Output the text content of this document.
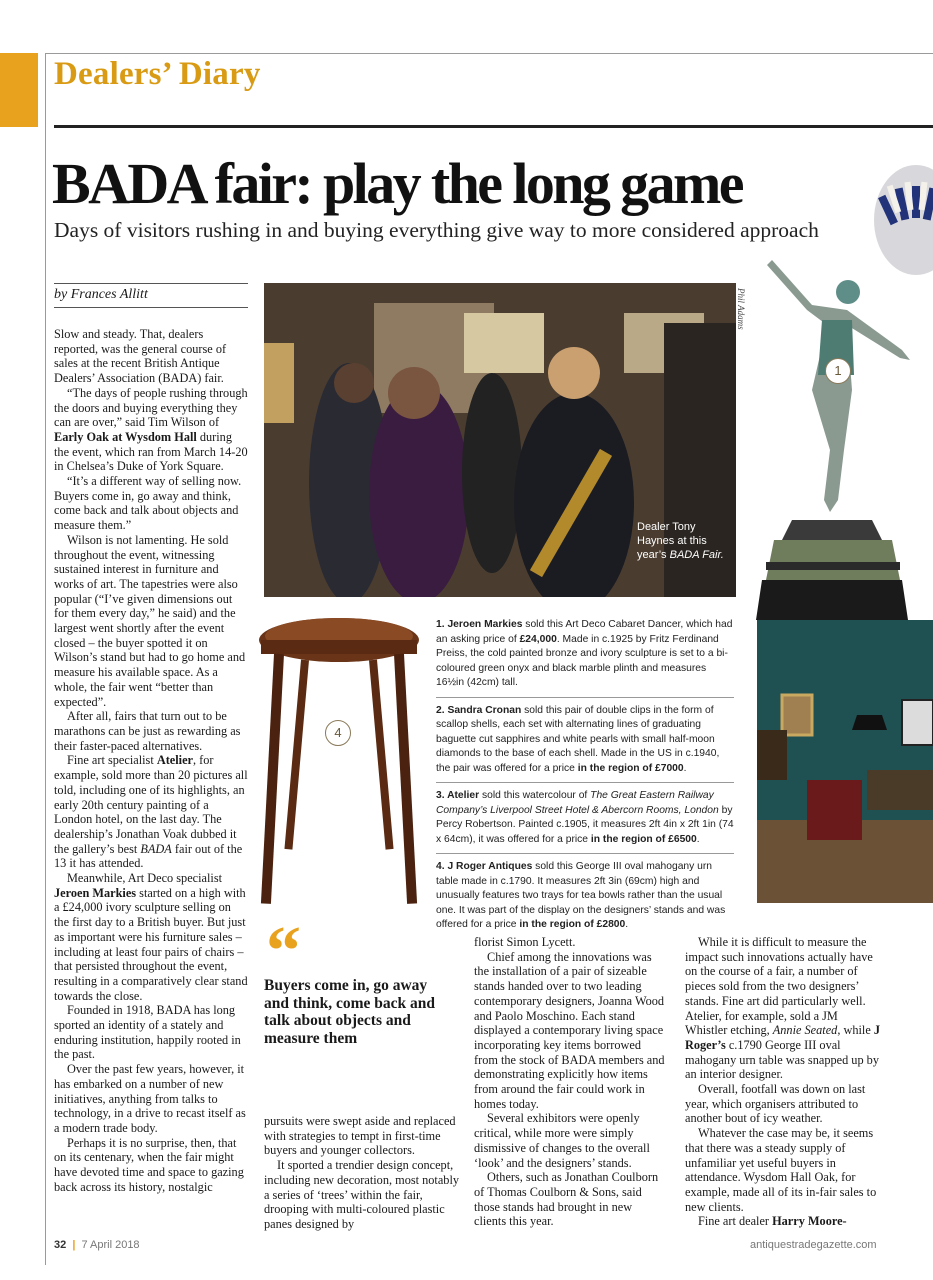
Dealers’ Diary
BADA fair: play the long game
Days of visitors rushing in and buying everything give way to more considered approach
by Frances Allitt	Phil Adams
Dealer Tony Haynes at this year’s BADA Fair.
1
4
1. Jeroen Markies sold this Art Deco Cabaret Dancer, which had an asking price of £24,000. Made in c.1925 by Fritz Ferdinand Preiss, the cold painted bronze and ivory sculpture is set to a bi-coloured green onyx and black marble plinth and measures 16½in (42cm) tall.
2. Sandra Cronan sold this pair of double clips in the form of scallop shells, each set with alternating lines of graduating baguette cut sapphires and white pearls with small half-moon diamonds to the base of each shell. Made in the US in c.1940, the pair was offered for a price in the region of £7000.
3. Atelier sold this watercolour of The Great Eastern Railway Company’s Liverpool Street Hotel & Abercorn Rooms, London by Percy Robertson. Painted c.1905, it measures 2ft 4in x 2ft 1in (74 x 64cm), it was offered for a price in the region of £6500.
4. J Roger Antiques sold this George III oval mahogany urn table made in c.1790. It measures 2ft 3in (69cm) high and unusually features two trays for tea bowls rather than the usual one. It was part of the display on the designers’ stands and was offered for a price in the region of £2800.
“
Buyers come in, go away and think, come back and talk about objects and measure them

Slow and steady. That, dealers reported, was the general course of sales at the recent British Antique Dealers’ Association (BADA) fair.

“The days of people rushing through the doors and buying everything they can are over,” said Tim Wilson of Early Oak at Wysdom Hall during the event, which ran from March 14-20 in Chelsea’s Duke of York Square.

“It’s a different way of selling now. Buyers come in, go away and think, come back and talk about objects and measure them.”

Wilson is not lamenting. He sold throughout the event, witnessing sustained interest in furniture and works of art. The tapestries were also popular (“I’ve given dimensions out for them every day,” he said) and the largest went shortly after the event closed – the buyer spotted it on Wilson’s stand but had to go home and measure his available space. As a whole, the fair went “better than expected”.

After all, fairs that turn out to be marathons can be just as rewarding as their faster-paced alternatives.

Fine art specialist Atelier, for example, sold more than 20 pictures all told, including one of its highlights, an early 20th century painting of a London hotel, on the last day. The dealership’s Jonathan Voak dubbed it the gallery’s best BADA fair out of the 13 it has attended.

Meanwhile, Art Deco specialist Jeroen Markies started on a high with a £24,000 ivory sculpture selling on the first day to a British buyer. But just as important were his furniture sales – including at least four pairs of chairs – that persisted throughout the event, resulting in a comparatively clear stand towards the close.

Founded in 1918, BADA has long sported an identity of a stately and enduring institution, happily rooted in the past.

Over the past few years, however, it has embarked on a number of new initiatives, anything from talks to technology, in a drive to recast itself as a modern trade body.

Perhaps it is no surprise, then, that on its centenary, when the fair might have devoted time and space to gazing back across its history, nostalgic

pursuits were swept aside and replaced with strategies to tempt in first-time buyers and younger collectors.

It sported a trendier design concept, including new decoration, most notably a series of ‘trees’ within the fair, drooping with multi-coloured plastic panes designed by

florist Simon Lycett.

Chief among the innovations was the installation of a pair of sizeable stands handed over to two leading contemporary designers, Joanna Wood and Paolo Moschino. Each stand displayed a contemporary living space incorporating key items borrowed from the stock of BADA members and demonstrating explicitly how items from around the fair could work in homes today.

Several exhibitors were openly critical, while more were simply dismissive of changes to the overall ‘look’ and the designers’ stands.

Others, such as Jonathan Coulborn of Thomas Coulborn & Sons, said those stands had brought in new clients this year.

While it is difficult to measure the impact such innovations actually have on the course of a fair, a number of pieces sold from the two designers’ stands. Fine art did particularly well. Atelier, for example, sold a JM Whistler etching, Annie Seated, while J Roger’s c.1790 George III oval mahogany urn table was snapped up by an interior designer.

Overall, footfall was down on last year, which organisers attributed to another bout of icy weather.

Whatever the case may be, it seems that there was a steady supply of unfamiliar yet useful buyers in attendance. Wysdom Hall Oak, for example, made all of its in-fair sales to new clients.

Fine art dealer Harry Moore-

32 | 7 April 2018	antiquestradegazette.com
